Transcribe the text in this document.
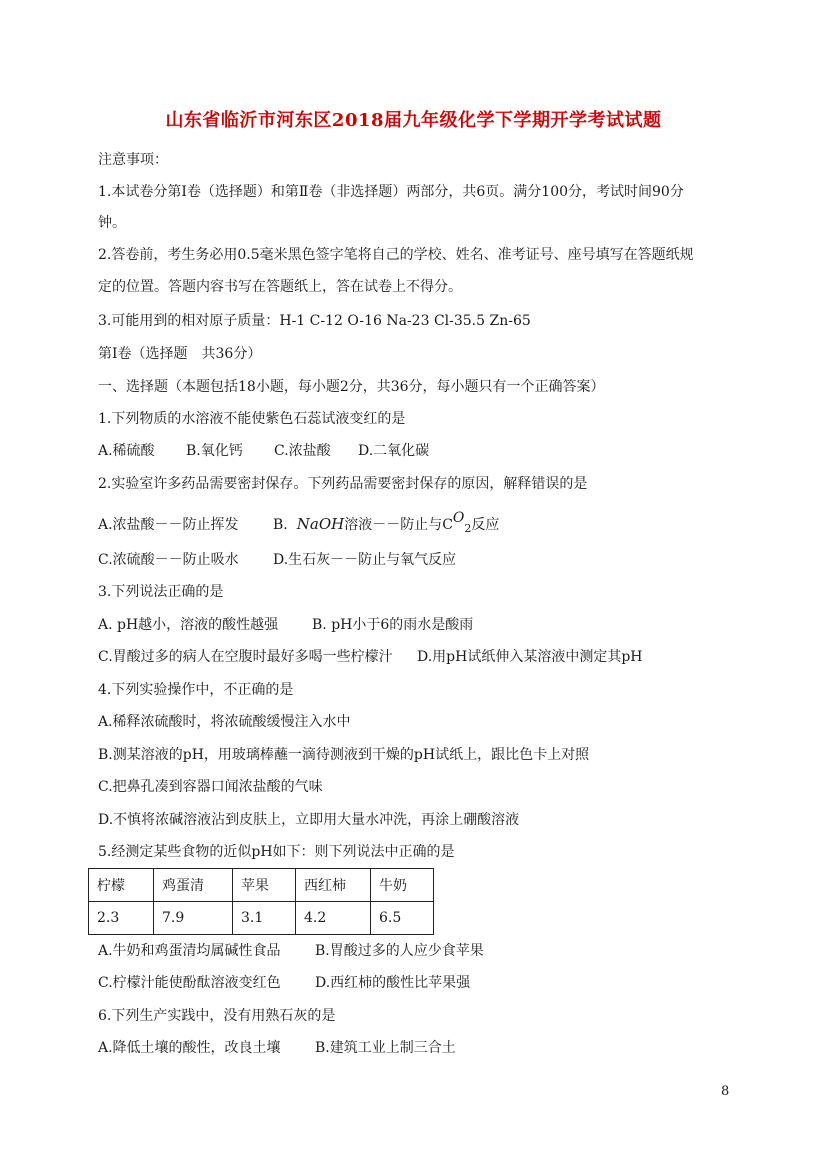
山东省临沂市河东区2018届九年级化学下学期开学考试试题
注意事项：
1.本试卷分第Ⅰ卷（选择题）和第Ⅱ卷（非选择题）两部分，共6页。满分100分，考试时间90分
钟。
2.答卷前，考生务必用0.5毫米黑色签字笔将自己的学校、姓名、准考证号、座号填写在答题纸规
定的位置。答题内容书写在答题纸上，答在试卷上不得分。
3.可能用到的相对原子质量：H-1 C-12 O-16 Na-23 Cl-35.5 Zn-65
第Ⅰ卷（选择题　共36分）
一、选择题（本题包括18小题，每小题2分，共36分，每小题只有一个正确答案）
1.下列物质的水溶液不能使紫色石蕊试液变红的是
A.稀硫酸 B.氧化钙 C.浓盐酸 D.二氧化碳
2.实验室许多药品需要密封保存。下列药品需要密封保存的原因，解释错误的是
A.浓盐酸－－防止挥发 B. NaOH溶液－－防止与$CO_2$反应
C.浓硫酸－－防止吸水 D.生石灰－－防止与氧气反应
3.下列说法正确的是
A. pH越小，溶液的酸性越强 B. pH小于6的雨水是酸雨
C.胃酸过多的病人在空腹时最好多喝一些柠檬汁 D.用pH试纸伸入某溶液中测定其pH
4.下列实验操作中，不正确的是
A.稀释浓硫酸时，将浓硫酸缓慢注入水中
B.测某溶液的pH，用玻璃棒蘸一滴待测液到干燥的pH试纸上，跟比色卡上对照
C.把鼻孔凑到容器口闻浓盐酸的气味
D.不慎将浓碱溶液沾到皮肤上，立即用大量水冲洗，再涂上硼酸溶液
5.经测定某些食物的近似pH如下：则下列说法中正确的是
柠檬	鸡蛋清	苹果	西红柿	牛奶
2.3	7.9	3.1	4.2	6.5
A.牛奶和鸡蛋清均属碱性食品 B.胃酸过多的人应少食苹果
C.柠檬汁能使酚酞溶液变红色 D.西红柿的酸性比苹果强
6.下列生产实践中，没有用熟石灰的是
A.降低土壤的酸性，改良土壤 B.建筑工业上制三合土
8
